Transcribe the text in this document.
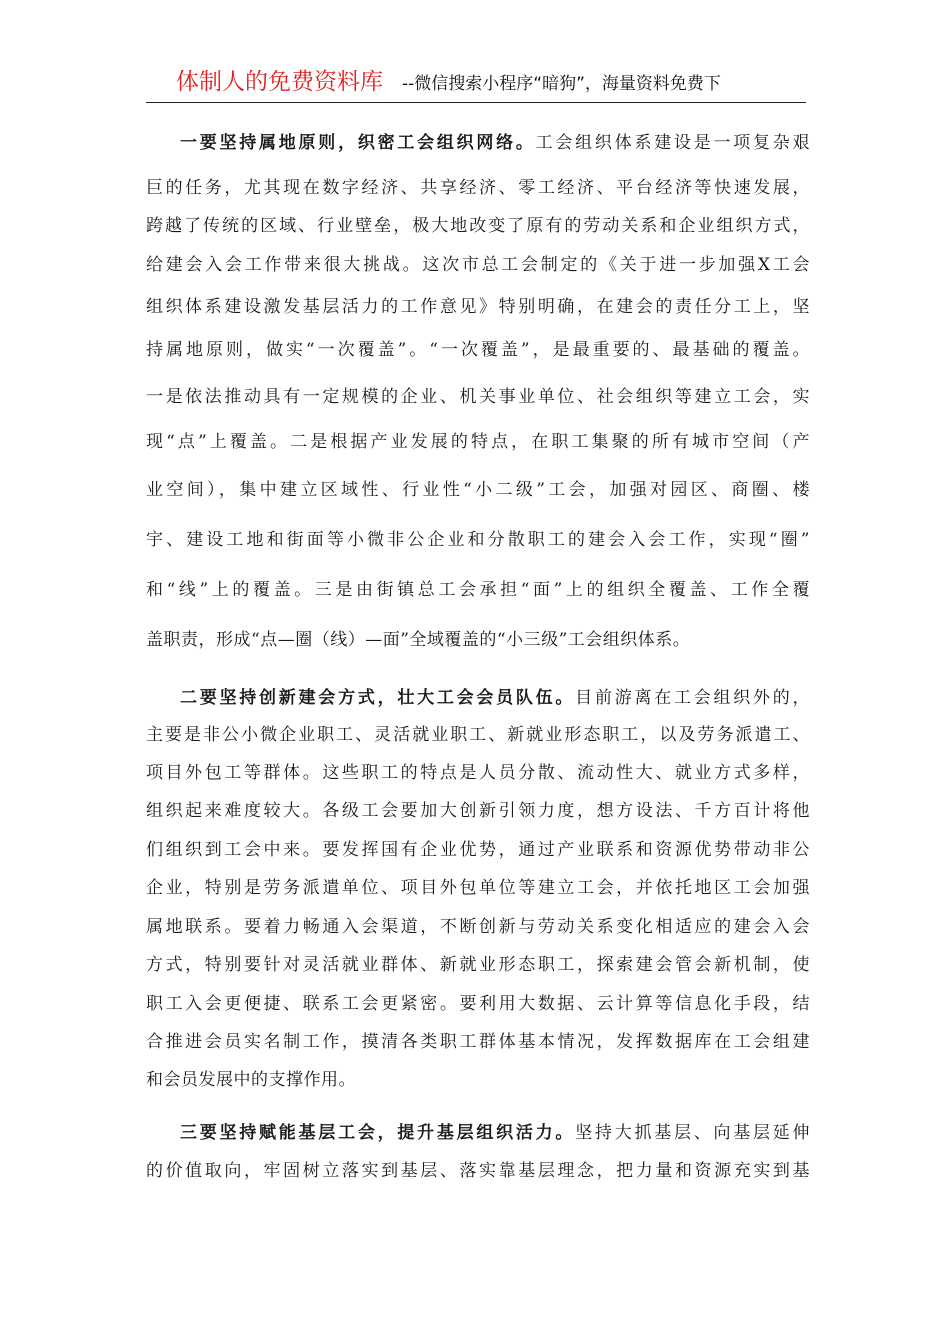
体制人的免费资料库 --微信搜索小程序“暗狗”，海量资料免费下
一要坚持属地原则，织密工会组织网络。工会组织体系建设是一项复杂艰
巨的任务，尤其现在数字经济、共享经济、零工经济、平台经济等快速发展，
跨越了传统的区域、行业壁垒，极大地改变了原有的劳动关系和企业组织方式，
给建会入会工作带来很大挑战。这次市总工会制定的《关于进一步加强X工会
组织体系建设激发基层活力的工作意见》特别明确，在建会的责任分工上，坚
持属地原则，做实“一次覆盖”。“一次覆盖”，是最重要的、最基础的覆盖。
一是依法推动具有一定规模的企业、机关事业单位、社会组织等建立工会，实
现“点”上覆盖。二是根据产业发展的特点，在职工集聚的所有城市空间（产
业空间），集中建立区域性、行业性“小二级”工会，加强对园区、商圈、楼
宇、建设工地和街面等小微非公企业和分散职工的建会入会工作，实现“圈”
和“线”上的覆盖。三是由街镇总工会承担“面”上的组织全覆盖、工作全覆
盖职责，形成“点—圈（线）—面”全域覆盖的“小三级”工会组织体系。
二要坚持创新建会方式，壮大工会会员队伍。目前游离在工会组织外的，
主要是非公小微企业职工、灵活就业职工、新就业形态职工，以及劳务派遣工、
项目外包工等群体。这些职工的特点是人员分散、流动性大、就业方式多样，
组织起来难度较大。各级工会要加大创新引领力度，想方设法、千方百计将他
们组织到工会中来。要发挥国有企业优势，通过产业联系和资源优势带动非公
企业，特别是劳务派遣单位、项目外包单位等建立工会，并依托地区工会加强
属地联系。要着力畅通入会渠道，不断创新与劳动关系变化相适应的建会入会
方式，特别要针对灵活就业群体、新就业形态职工，探索建会管会新机制，使
职工入会更便捷、联系工会更紧密。要利用大数据、云计算等信息化手段，结
合推进会员实名制工作，摸清各类职工群体基本情况，发挥数据库在工会组建
和会员发展中的支撑作用。
三要坚持赋能基层工会，提升基层组织活力。坚持大抓基层、向基层延伸
的价值取向，牢固树立落实到基层、落实靠基层理念，把力量和资源充实到基
